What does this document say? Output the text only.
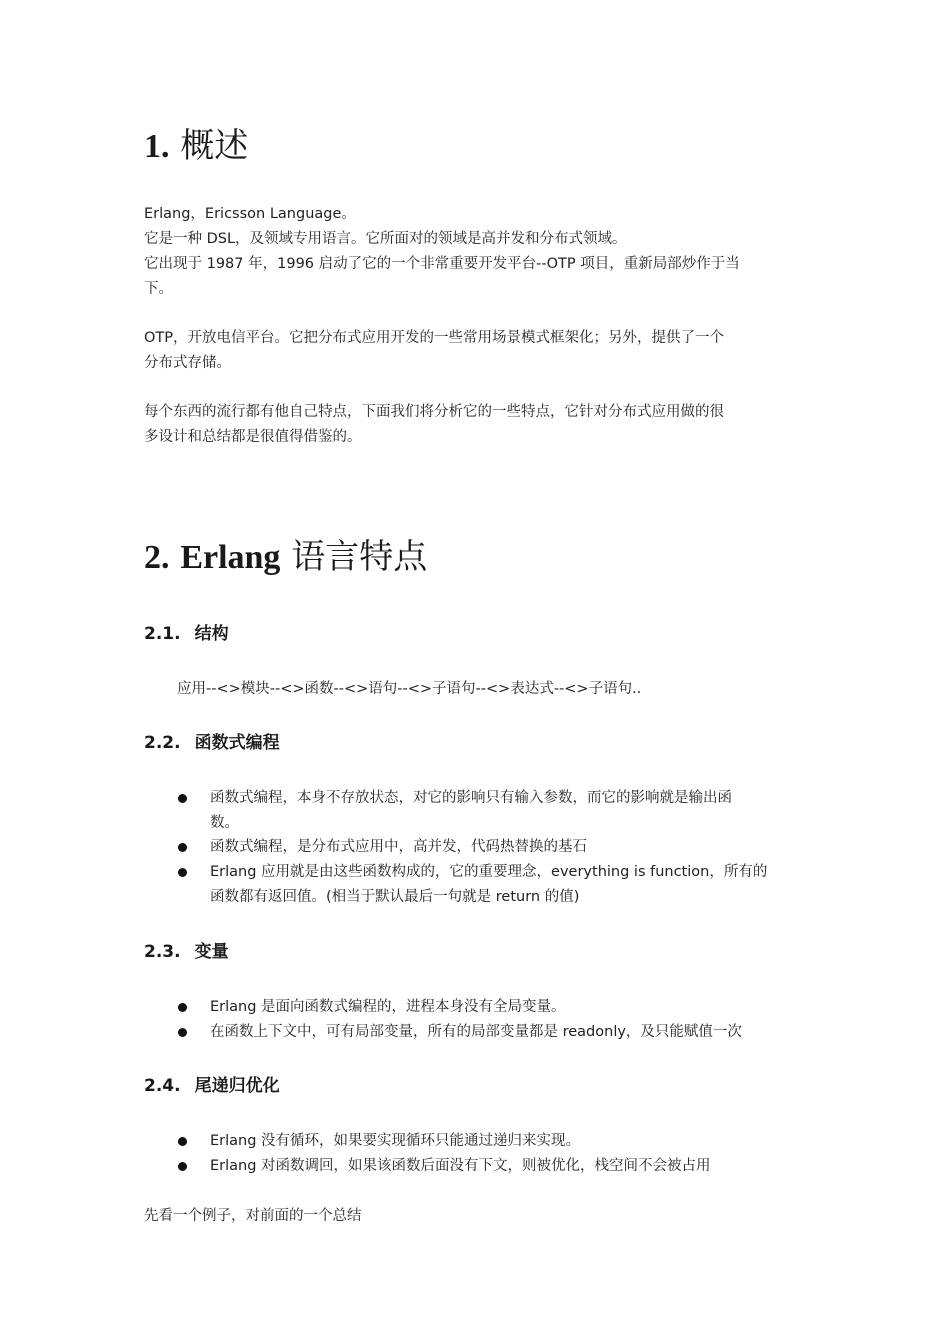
1. 概述
Erlang，Ericsson Language。
它是一种 DSL，及领域专用语言。它所面对的领域是高并发和分布式领域。
它出现于 1987 年，1996 启动了它的一个非常重要开发平台--OTP 项目，重新局部炒作于当
下。
OTP，开放电信平台。它把分布式应用开发的一些常用场景模式框架化；另外，提供了一个
分布式存储。
每个东西的流行都有他自己特点，下面我们将分析它的一些特点，它针对分布式应用做的很
多设计和总结都是很值得借鉴的。
2. Erlang 语言特点
2.1. 结构
应用--<>模块--<>函数--<>语句--<>子语句--<>表达式--<>子语句..
2.2. 函数式编程
函数式编程，本身不存放状态，对它的影响只有输入参数，而它的影响就是输出函
数。
函数式编程，是分布式应用中，高并发，代码热替换的基石
Erlang 应用就是由这些函数构成的，它的重要理念，everything is function，所有的
函数都有返回值。(相当于默认最后一句就是 return 的值)
2.3. 变量
Erlang 是面向函数式编程的，进程本身没有全局变量。
在函数上下文中，可有局部变量，所有的局部变量都是 readonly，及只能赋值一次
2.4. 尾递归优化
Erlang 没有循环，如果要实现循环只能通过递归来实现。
Erlang 对函数调回，如果该函数后面没有下文，则被优化，栈空间不会被占用
先看一个例子，对前面的一个总结
